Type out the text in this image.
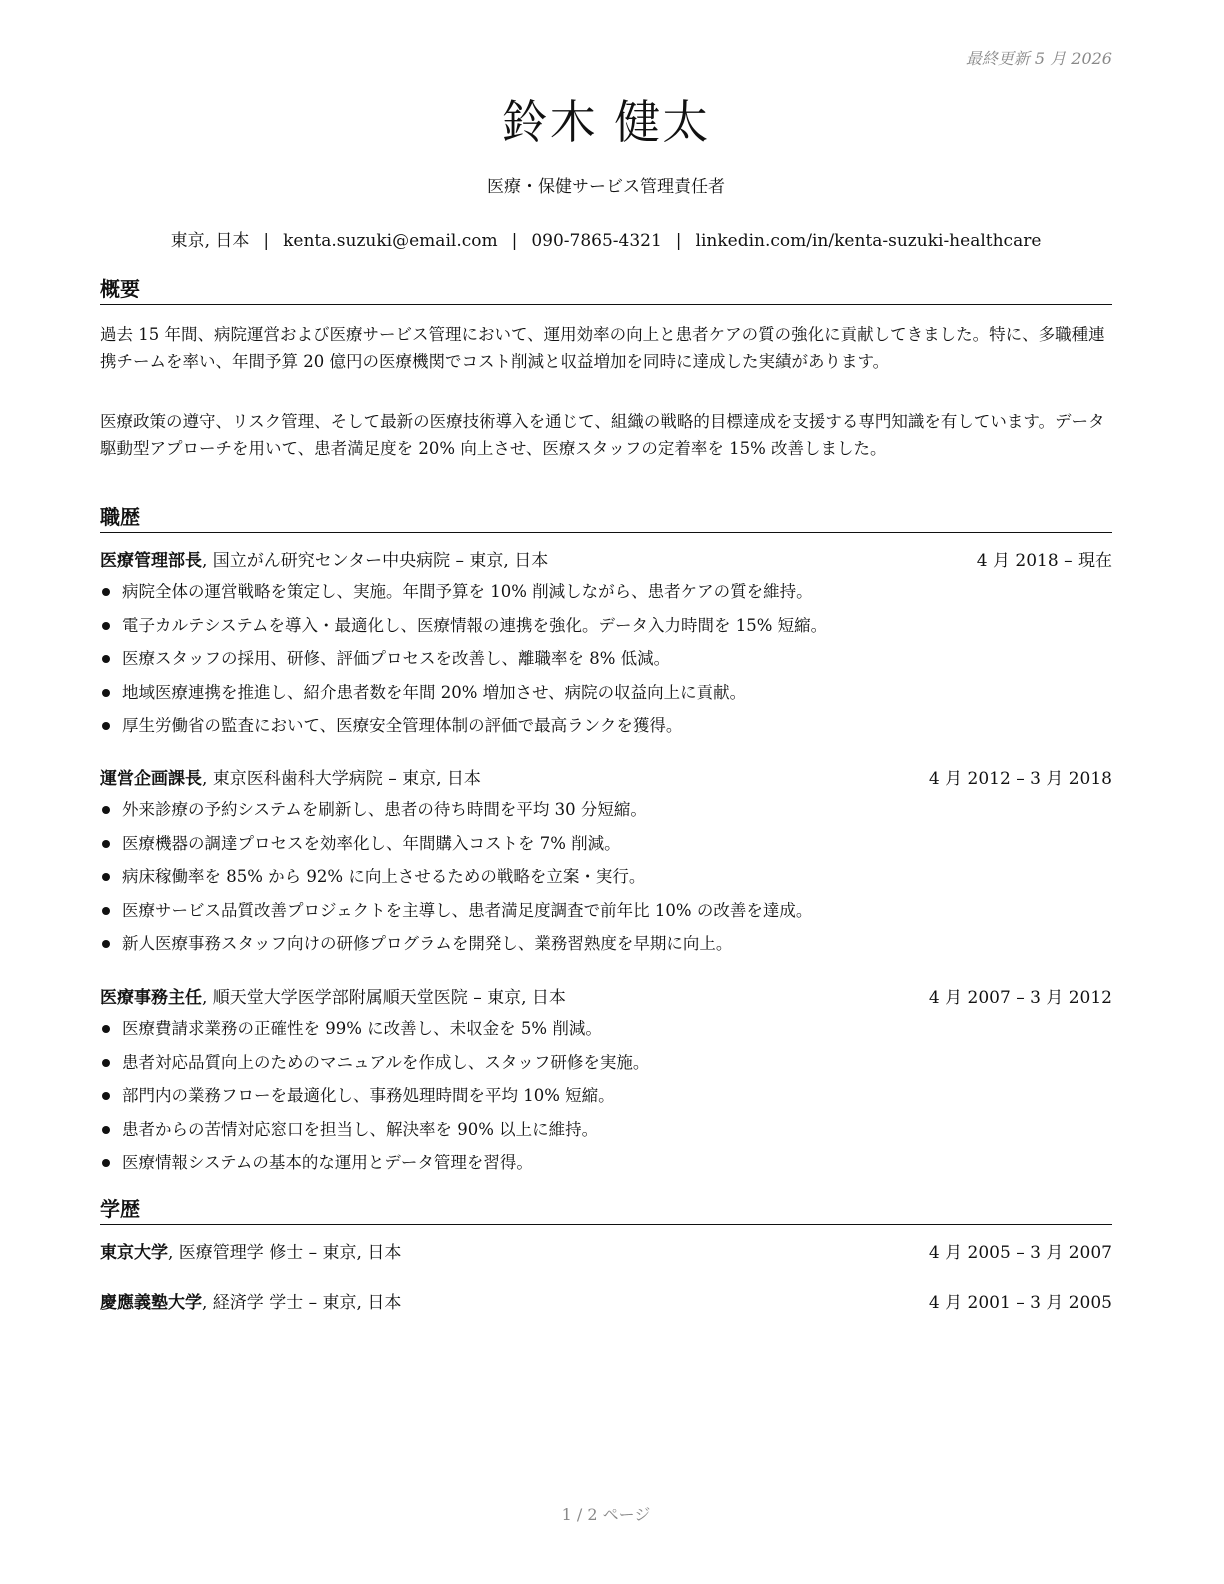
最終更新 5 月 2026
鈴木 健太
医療・保健サービス管理責任者
東京, 日本 | kenta.suzuki@email.com | 090-7865-4321 | linkedin.com/in/kenta-suzuki-healthcare
概要

過去 15 年間、病院運営および医療サービス管理において、運用効率の向上と患者ケアの質の強化に貢献してきました。特に、多職種連携チームを率い、年間予算 20 億円の医療機関でコスト削減と収益増加を同時に達成した実績があります。

医療政策の遵守、リスク管理、そして最新の医療技術導入を通じて、組織の戦略的目標達成を支援する専門知識を有しています。データ駆動型アプローチを用いて、患者満足度を 20% 向上させ、医療スタッフの定着率を 15% 改善しました。

職歴
医療管理部長, 国立がん研究センター中央病院 – 東京, 日本	4 月 2018 – 現在
病院全体の運営戦略を策定し、実施。年間予算を 10% 削減しながら、患者ケアの質を維持。
電子カルテシステムを導入・最適化し、医療情報の連携を強化。データ入力時間を 15% 短縮。
医療スタッフの採用、研修、評価プロセスを改善し、離職率を 8% 低減。
地域医療連携を推進し、紹介患者数を年間 20% 増加させ、病院の収益向上に貢献。
厚生労働省の監査において、医療安全管理体制の評価で最高ランクを獲得。
運営企画課長, 東京医科歯科大学病院 – 東京, 日本	4 月 2012 – 3 月 2018
外来診療の予約システムを刷新し、患者の待ち時間を平均 30 分短縮。
医療機器の調達プロセスを効率化し、年間購入コストを 7% 削減。
病床稼働率を 85% から 92% に向上させるための戦略を立案・実行。
医療サービス品質改善プロジェクトを主導し、患者満足度調査で前年比 10% の改善を達成。
新人医療事務スタッフ向けの研修プログラムを開発し、業務習熟度を早期に向上。
医療事務主任, 順天堂大学医学部附属順天堂医院 – 東京, 日本	4 月 2007 – 3 月 2012
医療費請求業務の正確性を 99% に改善し、未収金を 5% 削減。
患者対応品質向上のためのマニュアルを作成し、スタッフ研修を実施。
部門内の業務フローを最適化し、事務処理時間を平均 10% 短縮。
患者からの苦情対応窓口を担当し、解決率を 90% 以上に維持。
医療情報システムの基本的な運用とデータ管理を習得。
学歴
東京大学, 医療管理学 修士 – 東京, 日本	4 月 2005 – 3 月 2007
慶應義塾大学, 経済学 学士 – 東京, 日本	4 月 2001 – 3 月 2005
1 / 2 ページ
